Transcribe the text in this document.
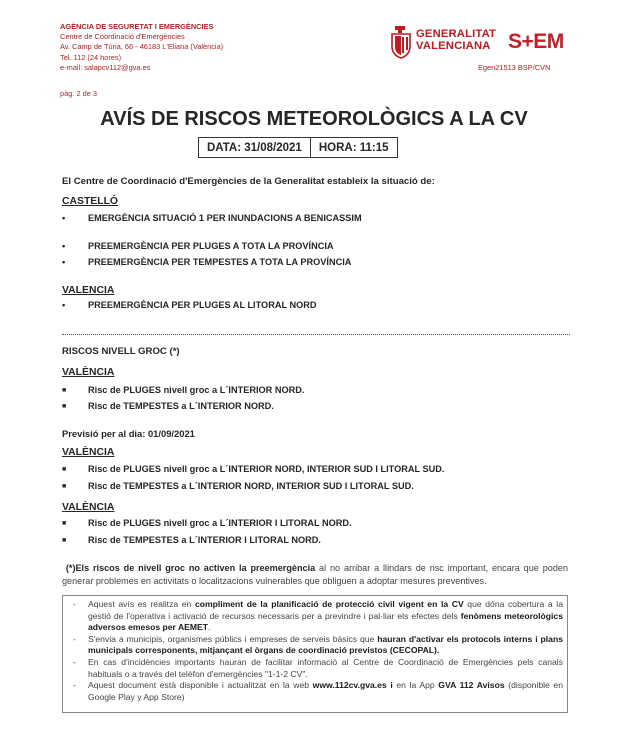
AGÈNCIA DE SEGURETAT I EMERGÈNCIES
Centre de Coordinació d'Emergències
Av. Camp de Túria, 66 - 46183 L'Eliana (València)
Tel. 112 (24 hores)
e-mail: salapcv112@gva.es
GENERALITAT
VALENCIANA S+EM
Egen21513 BSP/CVN
pàg. 2 de 3
AVÍS DE RISCOS METEOROLÒGICS A LA CV
DATA: 31/08/2021	HORA: 11:15
El Centre de Coordinació d'Emergències de la Generalitat estableix la situació de:
CASTELLÓ
• EMERGÈNCIA SITUACIÓ 1 PER INUNDACIONS A BENICASSIM
• PREEMERGÈNCIA PER PLUGES A TOTA LA PROVÍNCIA
• PREEMERGÈNCIA PER TEMPESTES A TOTA LA PROVÍNCIA
VALENCIA
• PREEMERGÈNCIA PER PLUGES AL LITORAL NORD
RISCOS NIVELL GROC (*)
VALÈNCIA
■ Risc de PLUGES nivell groc a L´INTERIOR NORD.
■ Risc de TEMPESTES a L´INTERIOR NORD.
Previsió per al dia: 01/09/2021
VALÈNCIA
■ Risc de PLUGES nivell groc a L´INTERIOR NORD, INTERIOR SUD I LITORAL SUD.
■ Risc de TEMPESTES a L´INTERIOR NORD, INTERIOR SUD I LITORAL SUD.
VALÈNCIA
■ Risc de PLUGES nivell groc a L´INTERIOR I LITORAL NORD.
■ Risc de TEMPESTES a L´INTERIOR I LITORAL NORD.
(*)Els riscos de nivell groc no activen la preemergència al no arribar a llindars de risc important, encara que poden generar problemes en activitats o localitzacions vulnerables que obliguen a adoptar mesures preventives.
- Aquest avís es realitza en compliment de la planificació de protecció civil vigent en la CV que dóna cobertura a la gestió de l'operativa i activació de recursos necessaris per a previndre i pal·liar els efectes dels fenòmens meteorològics adversos emesos per AEMET.
- S'envia a municipis, organismes públics i empreses de serveis bàsics que hauran d'activar els protocols interns i plans municipals corresponents, mitjançant el òrgans de coordinació previstos (CECOPAL).
- En cas d'incidències importants hauran de facilitar informació al Centre de Coordinació de Emergències pels canals habituals o a través del telèfon d'emergències "1-1-2 CV".
- Aquest document està disponible i actualitzat en la web www.112cv.gva.es i en la App GVA 112 Avisos (disponible en Google Play y App Store)
